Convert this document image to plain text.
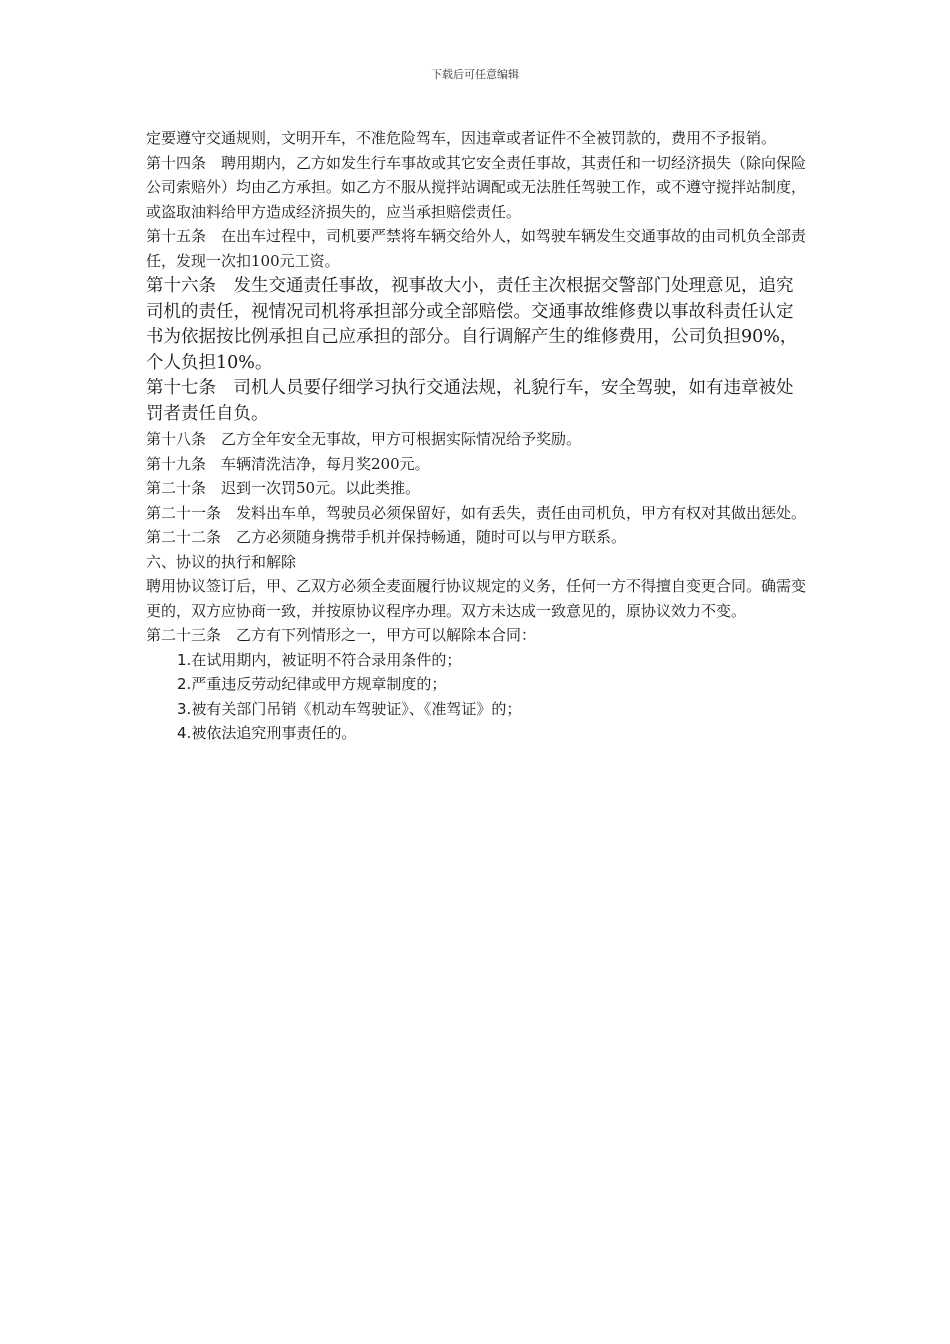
下载后可任意编辑

定要遵守交通规则，文明开车，不准危险驾车，因违章或者证件不全被罚款的，费用不予报销。

第十四条　聘用期内，乙方如发生行车事故或其它安全责任事故，其责任和一切经济损失（除向保险公司索赔外）均由乙方承担。如乙方不服从搅拌站调配或无法胜任驾驶工作，或不遵守搅拌站制度，或盗取油料给甲方造成经济损失的，应当承担赔偿责任。

第十五条　在出车过程中，司机要严禁将车辆交给外人，如驾驶车辆发生交通事故的由司机负全部责任，发现一次扣100元工资。

第十六条　发生交通责任事故，视事故大小，责任主次根据交警部门处理意见，追究司机的责任，视情况司机将承担部分或全部赔偿。交通事故维修费以事故科责任认定书为依据按比例承担自己应承担的部分。自行调解产生的维修费用，公司负担90%，个人负担10%。

第十七条　司机人员要仔细学习执行交通法规，礼貌行车，安全驾驶，如有违章被处罚者责任自负。

第十八条　乙方全年安全无事故，甲方可根据实际情况给予奖励。

第十九条　车辆清洗洁净，每月奖200元。

第二十条　迟到一次罚50元。以此类推。

第二十一条　发料出车单，驾驶员必须保留好，如有丢失，责任由司机负，甲方有权对其做出惩处。

第二十二条　乙方必须随身携带手机并保持畅通，随时可以与甲方联系。

六、协议的执行和解除

聘用协议签订后，甲、乙双方必须全麦面履行协议规定的义务，任何一方不得擅自变更合同。确需变更的，双方应协商一致，并按原协议程序办理。双方未达成一致意见的，原协议效力不变。

第二十三条　乙方有下列情形之一，甲方可以解除本合同：

1.在试用期内，被证明不符合录用条件的；

2.严重违反劳动纪律或甲方规章制度的；

3.被有关部门吊销《机动车驾驶证》、《准驾证》的；

4.被依法追究刑事责任的。
